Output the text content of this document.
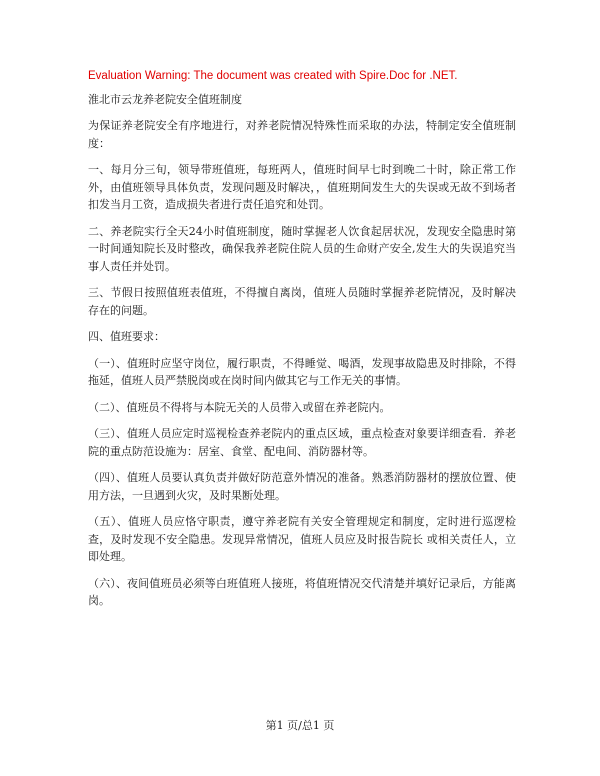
Evaluation Warning: The document was created with Spire.Doc for .NET.

淮北市云龙养老院安全值班制度

为保证养老院安全有序地进行，对养老院情况特殊性而采取的办法，特制定安全值班制度：

一、每月分三旬，领导带班值班，每班两人，值班时间早七时到晚二十时，除正常工作外，由值班领导具体负责，发现问题及时解决，，值班期间发生大的失误或无故不到场者扣发当月工资，造成损失者进行责任追究和处罚。

二、养老院实行全天24小时值班制度，随时掌握老人饮食起居状况，发现安全隐患时第一时间通知院长及时整改，确保我养老院住院人员的生命财产安全,发生大的失误追究当事人责任并处罚。

三、节假日按照值班表值班，不得擅自离岗，值班人员随时掌握养老院情况，及时解决存在的问题。

四、值班要求：

（一）、值班时应坚守岗位，履行职责，不得睡觉、喝酒，发现事故隐患及时排除，不得拖延，值班人员严禁脱岗或在岗时间内做其它与工作无关的事情。

（二）、值班员不得将与本院无关的人员带入或留在养老院内。

（三）、值班人员应定时巡视检查养老院内的重点区域，重点检查对象要详细查看．养老院的重点防范设施为：居室、食堂、配电间、消防器材等。

（四）、值班人员要认真负责并做好防范意外情况的准备。熟悉消防器材的摆放位置、使用方法，一旦遇到火灾，及时果断处理。

（五）、值班人员应恪守职责，遵守养老院有关安全管理规定和制度，定时进行巡逻检查，及时发现不安全隐患。发现异常情况，值班人员应及时报告院长 或相关责任人，立即处理。

（六）、夜间值班员必须等白班值班人接班，将值班情况交代清楚并填好记录后，方能离岗。

第1 页/总1 页
